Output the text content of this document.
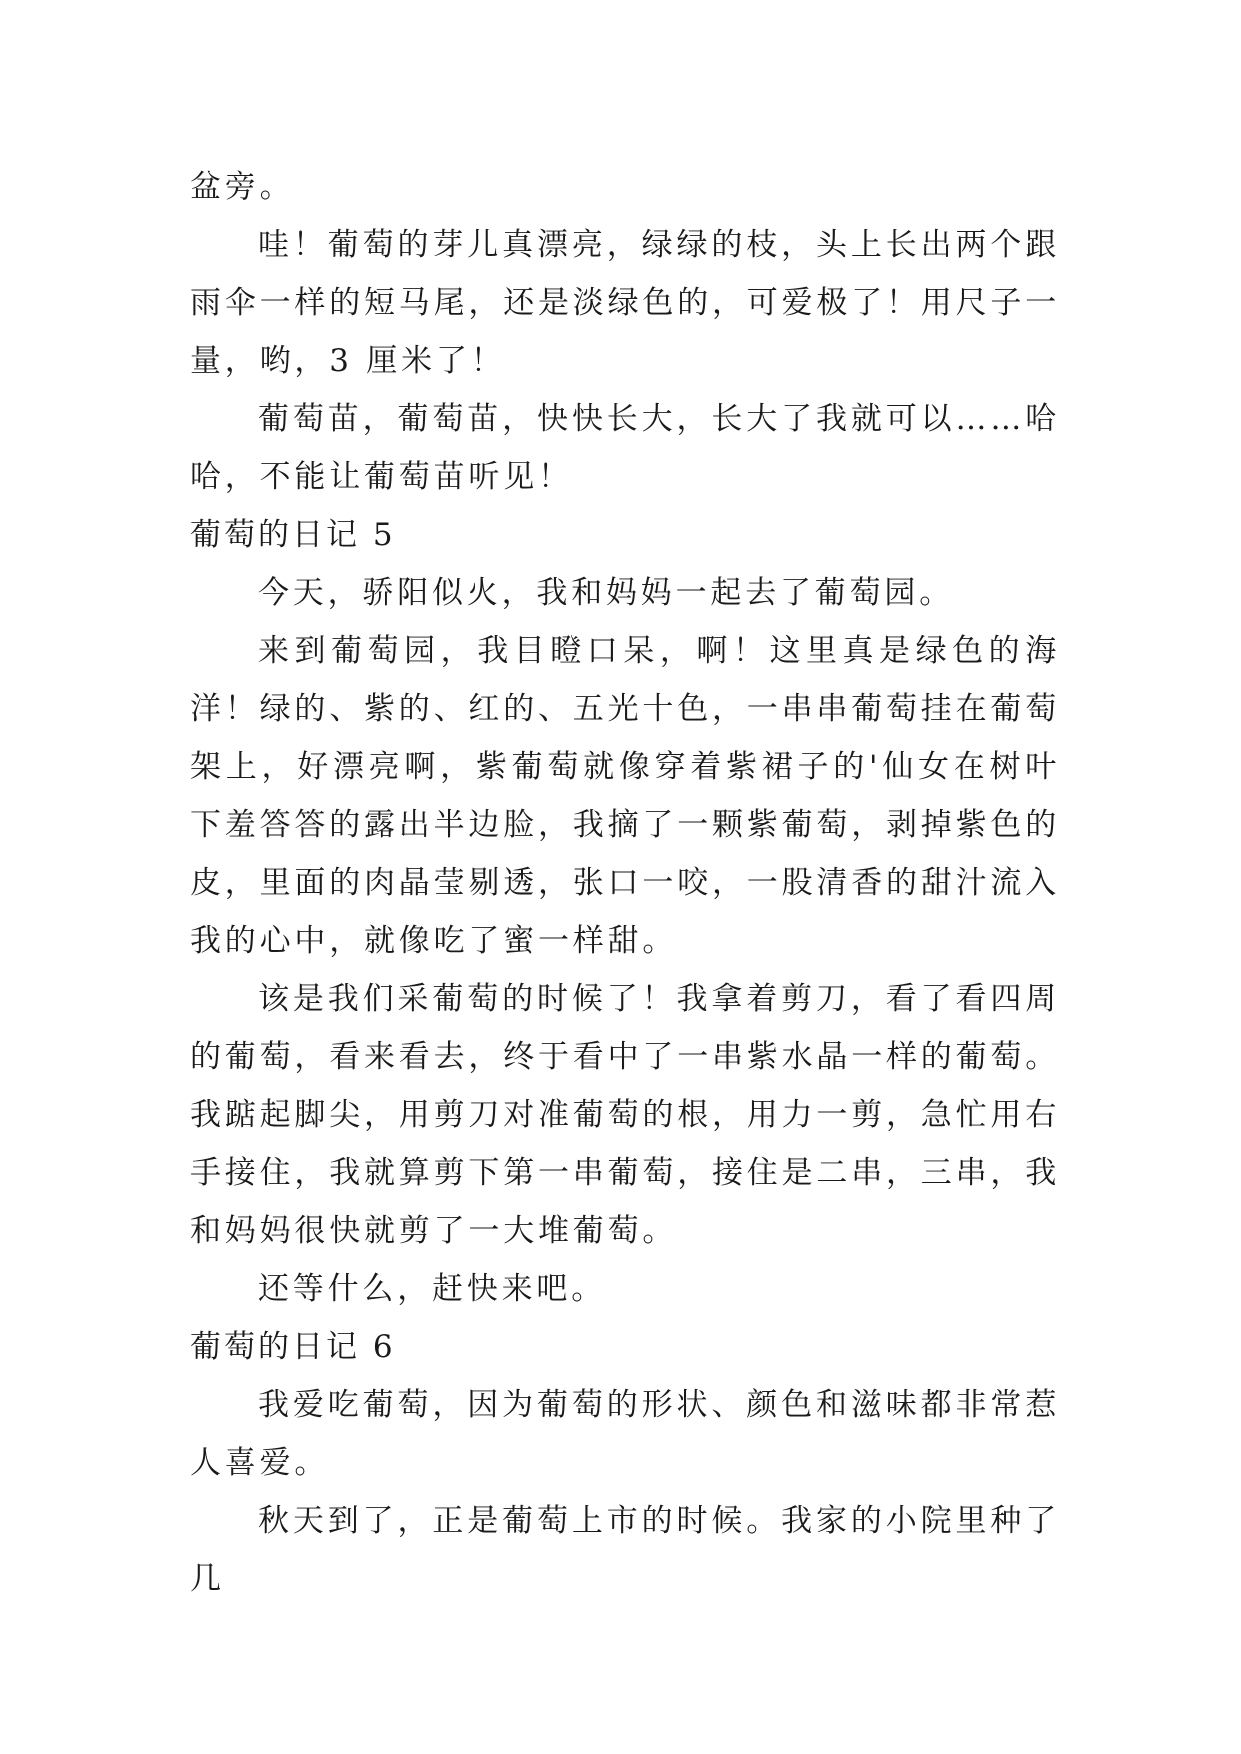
盆旁。

哇！葡萄的芽儿真漂亮，绿绿的枝，头上长出两个跟雨伞一样的短马尾，还是淡绿色的，可爱极了！用尺子一量，哟，3 厘米了！

葡萄苗，葡萄苗，快快长大，长大了我就可以……哈哈，不能让葡萄苗听见！

葡萄的日记 5

今天，骄阳似火，我和妈妈一起去了葡萄园。

来到葡萄园，我目瞪口呆，啊！这里真是绿色的海洋！绿的、紫的、红的、五光十色，一串串葡萄挂在葡萄架上，好漂亮啊，紫葡萄就像穿着紫裙子的'仙女在树叶下羞答答的露出半边脸，我摘了一颗紫葡萄，剥掉紫色的皮，里面的肉晶莹剔透，张口一咬，一股清香的甜汁流入我的心中，就像吃了蜜一样甜。

该是我们采葡萄的时候了！我拿着剪刀，看了看四周的葡萄，看来看去，终于看中了一串紫水晶一样的葡萄。我踮起脚尖，用剪刀对准葡萄的根，用力一剪，急忙用右手接住，我就算剪下第一串葡萄，接住是二串，三串，我和妈妈很快就剪了一大堆葡萄。

还等什么，赶快来吧。

葡萄的日记 6

我爱吃葡萄，因为葡萄的形状、颜色和滋味都非常惹人喜爱。

秋天到了，正是葡萄上市的时候。我家的小院里种了几
